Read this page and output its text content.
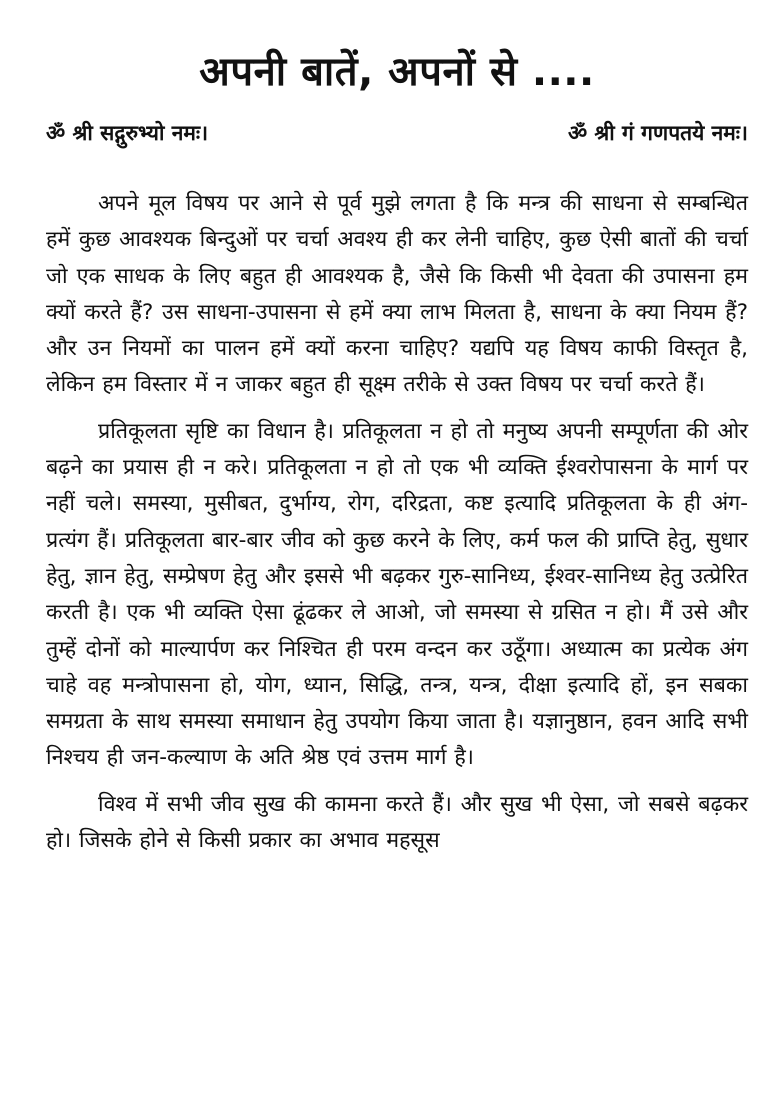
अपनी बातें, अपनों से ....
ॐ श्री सद्गुरुभ्यो नमः।	ॐ श्री गं गणपतये नमः।

अपने मूल विषय पर आने से पूर्व मुझे लगता है कि मन्त्र की साधना से सम्बन्धित हमें कुछ आवश्यक बिन्दुओं पर चर्चा अवश्य ही कर लेनी चाहिए, कुछ ऐसी बातों की चर्चा जो एक साधक के लिए बहुत ही आवश्यक है, जैसे कि किसी भी देवता की उपासना हम क्यों करते हैं? उस साधना-उपासना से हमें क्या लाभ मिलता है, साधना के क्या नियम हैं? और उन नियमों का पालन हमें क्यों करना चाहिए? यद्यपि यह विषय काफी विस्तृत है, लेकिन हम विस्तार में न जाकर बहुत ही सूक्ष्म तरीके से उक्त विषय पर चर्चा करते हैं।

प्रतिकूलता सृष्टि का विधान है। प्रतिकूलता न हो तो मनुष्य अपनी सम्पूर्णता की ओर बढ़ने का प्रयास ही न करे। प्रतिकूलता न हो तो एक भी व्यक्ति ईश्वरोपासना के मार्ग पर नहीं चले। समस्या, मुसीबत, दुर्भाग्य, रोग, दरिद्रता, कष्ट इत्यादि प्रतिकूलता के ही अंग-प्रत्यंग हैं। प्रतिकूलता बार-बार जीव को कुछ करने के लिए, कर्म फल की प्राप्ति हेतु, सुधार हेतु, ज्ञान हेतु, सम्प्रेषण हेतु और इससे भी बढ़कर गुरु-सानिध्य, ईश्वर-सानिध्य हेतु उत्प्रेरित करती है। एक भी व्यक्ति ऐसा ढूंढकर ले आओ, जो समस्या से ग्रसित न हो। मैं उसे और तुम्हें दोनों को माल्यार्पण कर निश्चित ही परम वन्दन कर उठूँगा। अध्यात्म का प्रत्येक अंग चाहे वह मन्त्रोपासना हो, योग, ध्यान, सिद्धि, तन्त्र, यन्त्र, दीक्षा इत्यादि हों, इन सबका समग्रता के साथ समस्या समाधान हेतु उपयोग किया जाता है। यज्ञानुष्ठान, हवन आदि सभी निश्चय ही जन-कल्याण के अति श्रेष्ठ एवं उत्तम मार्ग है।

विश्व में सभी जीव सुख की कामना करते हैं। और सुख भी ऐसा, जो सबसे बढ़कर हो। जिसके होने से किसी प्रकार का अभाव महसूस
